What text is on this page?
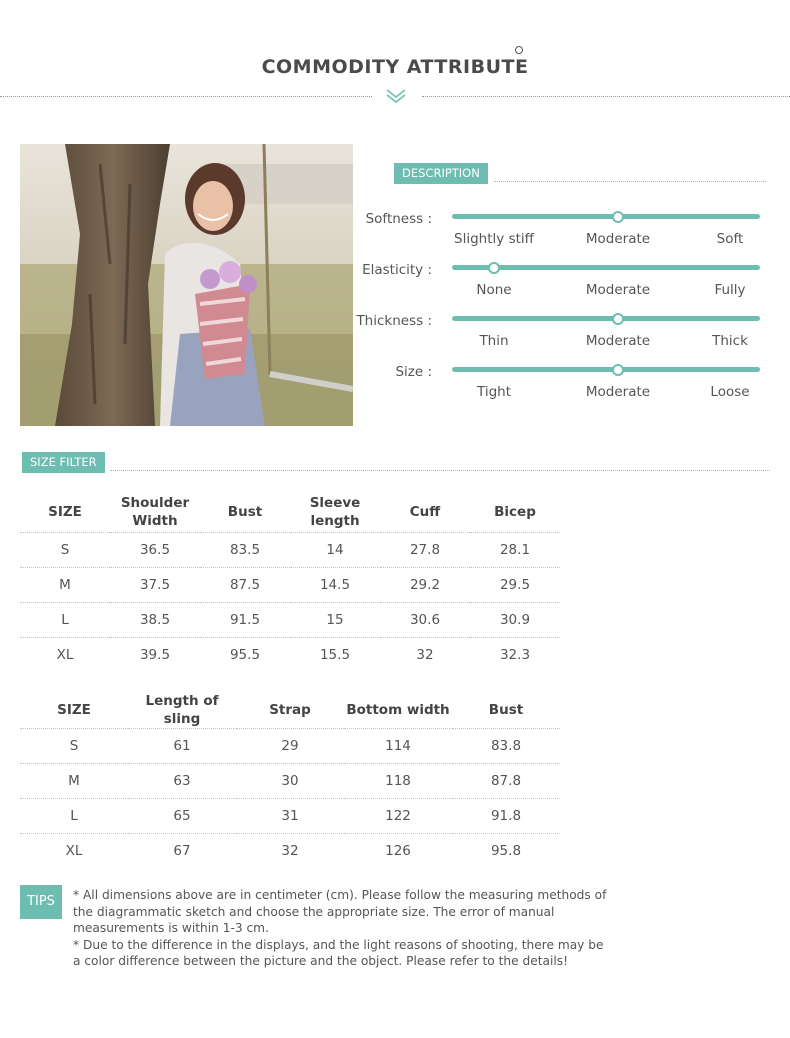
COMMODITY ATTRIBUTE
DESCRIPTION
Softness :
Slightly stiff	Moderate	Soft
Elasticity :
None	Moderate	Fully
Thickness :
Thin	Moderate	Thick
Size :
Tight	Moderate	Loose
SIZE FILTER
SIZE	Shoulder Width	Bust	Sleeve length	Cuff	Bicep
S	36.5	83.5	14	27.8	28.1
M	37.5	87.5	14.5	29.2	29.5
L	38.5	91.5	15	30.6	30.9
XL	39.5	95.5	15.5	32	32.3
SIZE	Length of sling	Strap	Bottom width	Bust
S	61	29	114	83.8
M	63	30	118	87.8
L	65	31	122	91.8
XL	67	32	126	95.8
TIPS	* All dimensions above are in centimeter (cm). Please follow the measuring methods of the diagrammatic sketch and choose the appropriate size. The error of manual measurements is within 1-3 cm.

* Due to the difference in the displays, and the light reasons of shooting, there may be a color difference between the picture and the object. Please refer to the details!
